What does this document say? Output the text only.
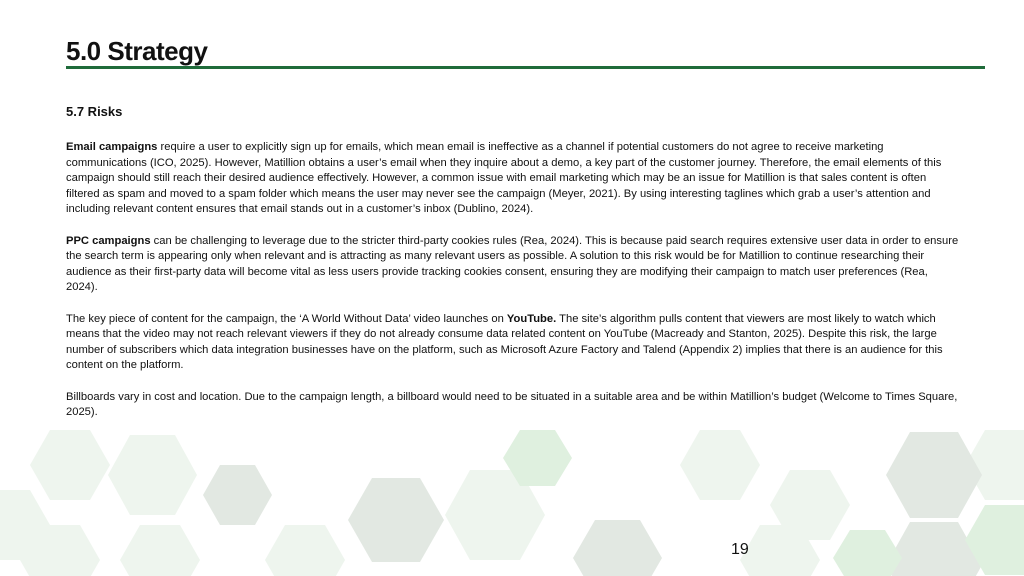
5.0 Strategy
5.7 Risks

Email campaigns require a user to explicitly sign up for emails, which mean email is ineffective as a channel if potential customers do not agree to receive marketing communications (ICO, 2025). However, Matillion obtains a user’s email when they inquire about a demo, a key part of the customer journey. Therefore, the email elements of this campaign should still reach their desired audience effectively. However, a common issue with email marketing which may be an issue for Matillion is that sales content is often filtered as spam and moved to a spam folder which means the user may never see the campaign (Meyer, 2021). By using interesting taglines which grab a user’s attention and including relevant content ensures that email stands out in a customer’s inbox (Dublino, 2024).

PPC campaigns can be challenging to leverage due to the stricter third-party cookies rules (Rea, 2024). This is because paid search requires extensive user data in order to ensure the search term is appearing only when relevant and is attracting as many relevant users as possible. A solution to this risk would be for Matillion to continue researching their audience as their first-party data will become vital as less users provide tracking cookies consent, ensuring they are modifying their campaign to match user preferences (Rea, 2024).

The key piece of content for the campaign, the ‘A World Without Data’ video launches on YouTube. The site’s algorithm pulls content that viewers are most likely to watch which means that the video may not reach relevant viewers if they do not already consume data related content on YouTube (Macready and Stanton, 2025). Despite this risk, the large number of subscribers which data integration businesses have on the platform, such as Microsoft Azure Factory and Talend (Appendix 2) implies that there is an audience for this content on the platform.

Billboards vary in cost and location. Due to the campaign length, a billboard would need to be situated in a suitable area and be within Matillion’s budget (Welcome to Times Square, 2025).

19
